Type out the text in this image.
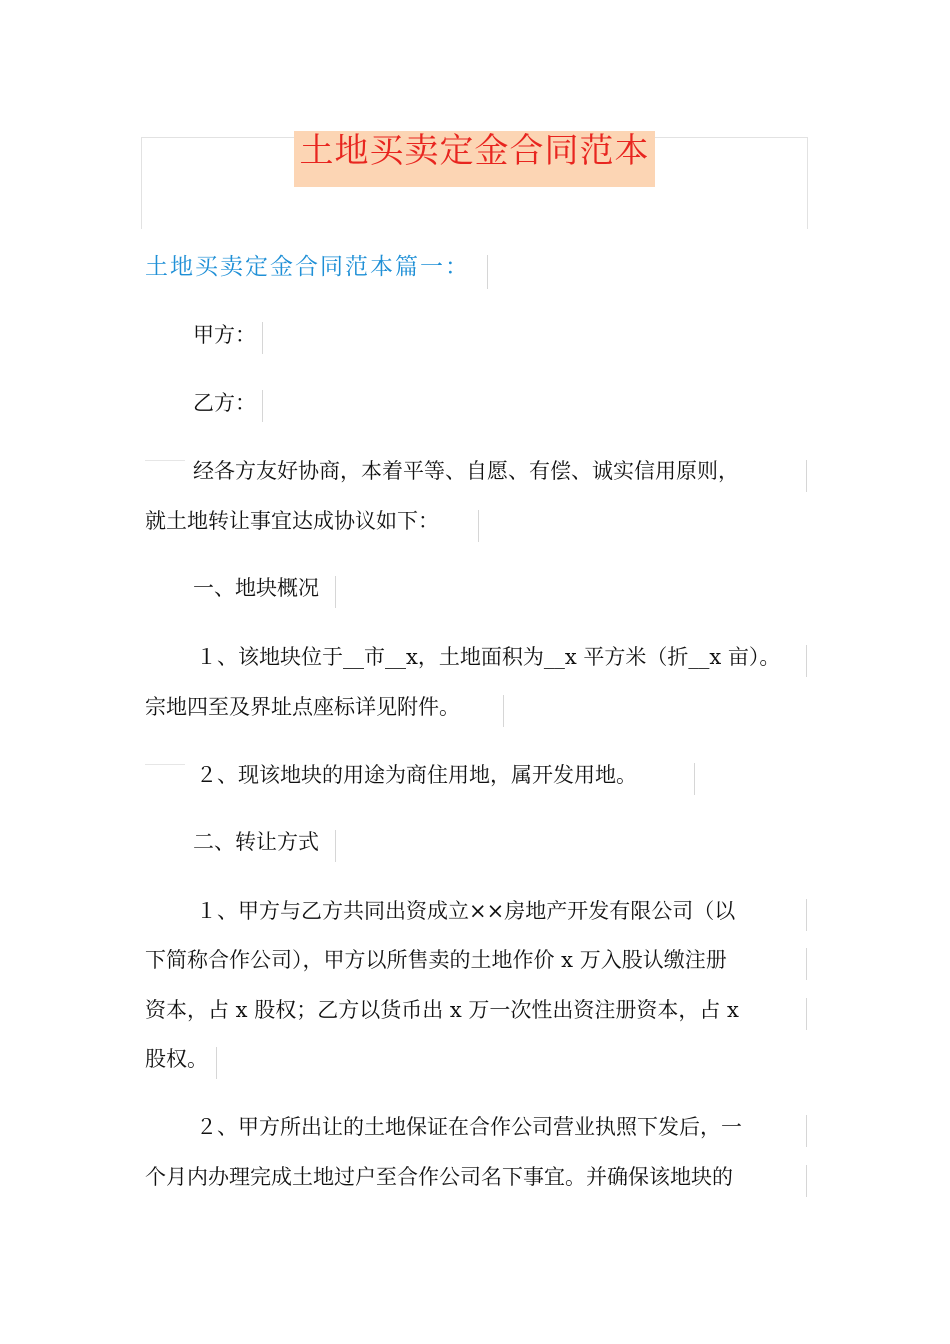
土地买卖定金合同范本
土地买卖定金合同范本篇一：
甲方：
乙方：
经各方友好协商，本着平等、自愿、有偿、诚实信用原则，
就土地转让事宜达成协议如下：
一、地块概况
１、该地块位于__市__x，土地面积为__x 平方米（折__x 亩）。
宗地四至及界址点座标详见附件。
２、现该地块的用途为商住用地，属开发用地。
二、转让方式
１、甲方与乙方共同出资成立××房地产开发有限公司（以
下简称合作公司），甲方以所售卖的土地作价 x 万入股认缴注册
资本，占 x 股权；乙方以货币出 x 万一次性出资注册资本，占 x
股权。
２、甲方所出让的土地保证在合作公司营业执照下发后，一
个月内办理完成土地过户至合作公司名下事宜。并确保该地块的
